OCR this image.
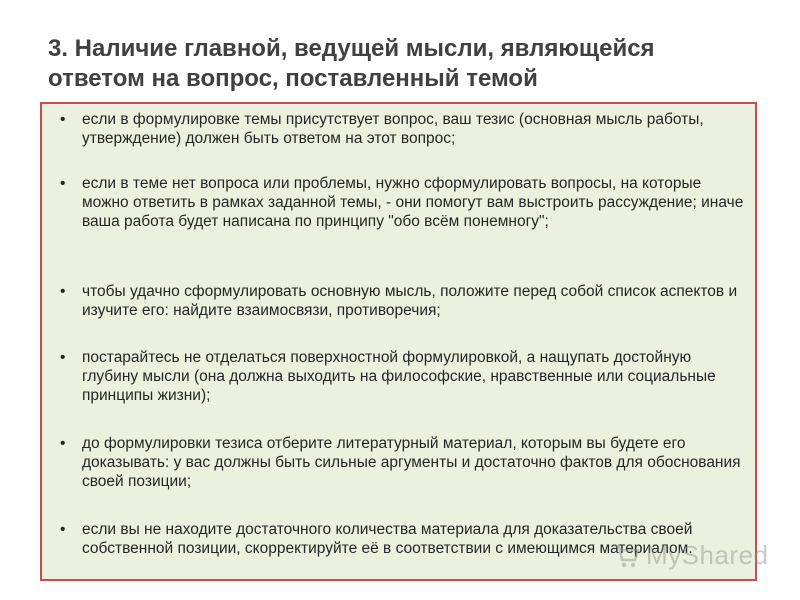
3. Наличие главной, ведущей мысли, являющейся ответом на вопрос, поставленный темой
•	если в формулировке темы присутствует вопрос, ваш тезис (основная мысль работы, утверждение) должен быть ответом на этот вопрос;
•	если в теме нет вопроса или проблемы, нужно сформулировать вопросы, на которые можно ответить в рамках заданной темы, - они помогут вам выстроить рассуждение; иначе ваша работа будет написана по принципу "обо всём понемногу";
•	чтобы удачно сформулировать основную мысль, положите перед собой список аспектов и изучите его: найдите взаимосвязи, противоречия;
•	постарайтесь не отделаться поверхностной формулировкой, а нащупать достойную глубину мысли (она должна выходить на философские, нравственные или социальные принципы жизни);
•	до формулировки тезиса отберите литературный материал, которым вы будете его доказывать: у вас должны быть сильные аргументы и достаточно фактов для обоснования своей позиции;
•	если вы не находите достаточного количества материала для доказательства своей собственной позиции, скорректируйте её в соответствии с имеющимся материалом.
MyShared
